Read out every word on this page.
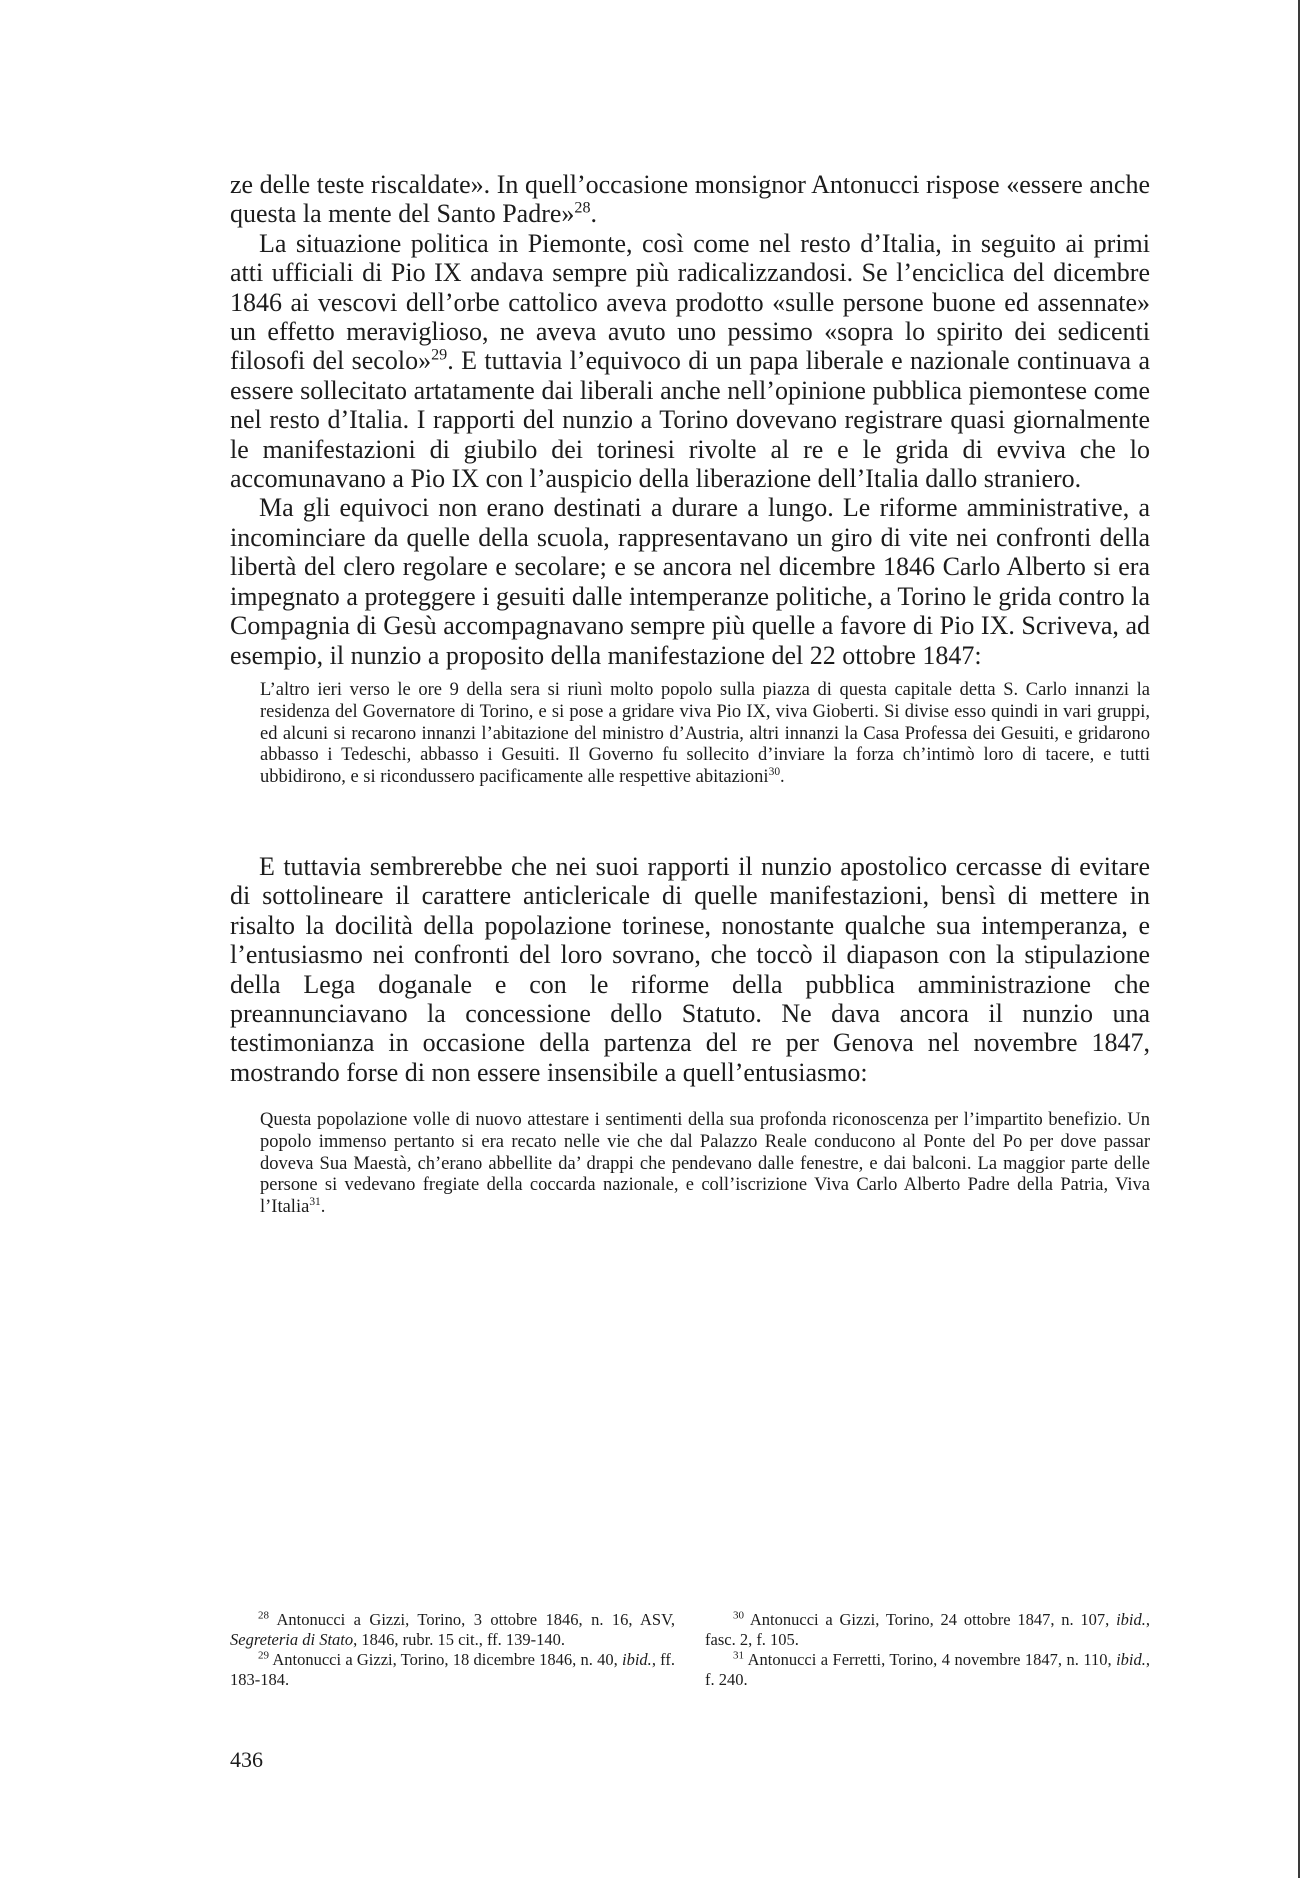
ze delle teste riscaldate». In quell’occasione monsignor Antonucci rispose «essere anche questa la mente del Santo Padre»$^{28}$.

La situazione politica in Piemonte, così come nel resto d’Italia, in seguito ai primi atti ufficiali di Pio IX andava sempre più radicalizzandosi. Se l’enciclica del dicembre 1846 ai vescovi dell’orbe cattolico aveva prodotto «sulle persone buone ed assennate» un effetto meraviglioso, ne aveva avuto uno pessimo «sopra lo spirito dei sedicenti filosofi del secolo»$^{29}$. E tuttavia l’equivoco di un papa liberale e nazionale continuava a essere sollecitato artatamente dai liberali anche nell’opinione pubblica piemontese come nel resto d’Italia. I rapporti del nunzio a Torino dovevano registrare quasi giornalmente le manifestazioni di giubilo dei torinesi rivolte al re e le grida di evviva che lo accomunavano a Pio IX con l’auspicio della liberazione dell’Italia dallo straniero.

Ma gli equivoci non erano destinati a durare a lungo. Le riforme amministrative, a incominciare da quelle della scuola, rappresentavano un giro di vite nei confronti della libertà del clero regolare e secolare; e se ancora nel dicembre 1846 Carlo Alberto si era impegnato a proteggere i gesuiti dalle intemperanze politiche, a Torino le grida contro la Compagnia di Gesù accompagnavano sempre più quelle a favore di Pio IX. Scriveva, ad esempio, il nunzio a proposito della manifestazione del 22 ottobre 1847:

L’altro ieri verso le ore 9 della sera si riunì molto popolo sulla piazza di questa capitale detta S. Carlo innanzi la residenza del Governatore di Torino, e si pose a gridare viva Pio IX, viva Gioberti. Si divise esso quindi in vari gruppi, ed alcuni si recarono innanzi l’abitazione del ministro d’Austria, altri innanzi la Casa Professa dei Gesuiti, e gridarono abbasso i Tedeschi, abbasso i Gesuiti. Il Governo fu sollecito d’inviare la forza ch’intimò loro di tacere, e tutti ubbidirono, e si ricondussero pacificamente alle respettive abitazioni$^{30}$.

E tuttavia sembrerebbe che nei suoi rapporti il nunzio apostolico cercasse di evitare di sottolineare il carattere anticlericale di quelle manifestazioni, bensì di mettere in risalto la docilità della popolazione torinese, nonostante qualche sua intemperanza, e l’entusiasmo nei confronti del loro sovrano, che toccò il diapason con la stipulazione della Lega doganale e con le riforme della pubblica amministrazione che preannunciavano la concessione dello Statuto. Ne dava ancora il nunzio una testimonianza in occasione della partenza del re per Genova nel novembre 1847, mostrando forse di non essere insensibile a quell’entusiasmo:

Questa popolazione volle di nuovo attestare i sentimenti della sua profonda riconoscenza per l’impartito benefizio. Un popolo immenso pertanto si era recato nelle vie che dal Palazzo Reale conducono al Ponte del Po per dove passar doveva Sua Maestà, ch’erano abbellite da’ drappi che pendevano dalle fenestre, e dai balconi. La maggior parte delle persone si vedevano fregiate della coccarda nazionale, e coll’iscrizione Viva Carlo Alberto Padre della Patria, Viva l’Italia$^{31}$.

$^{28}$ Antonucci a Gizzi, Torino, 3 ottobre 1846, n. 16, ASV, Segreteria di Stato, 1846, rubr. 15 cit., ff. 139-140.

$^{29}$ Antonucci a Gizzi, Torino, 18 dicembre 1846, n. 40, ibid., ff. 183-184.

$^{30}$ Antonucci a Gizzi, Torino, 24 ottobre 1847, n. 107, ibid., fasc. 2, f. 105.

$^{31}$ Antonucci a Ferretti, Torino, 4 novembre 1847, n. 110, ibid., f. 240.

436
